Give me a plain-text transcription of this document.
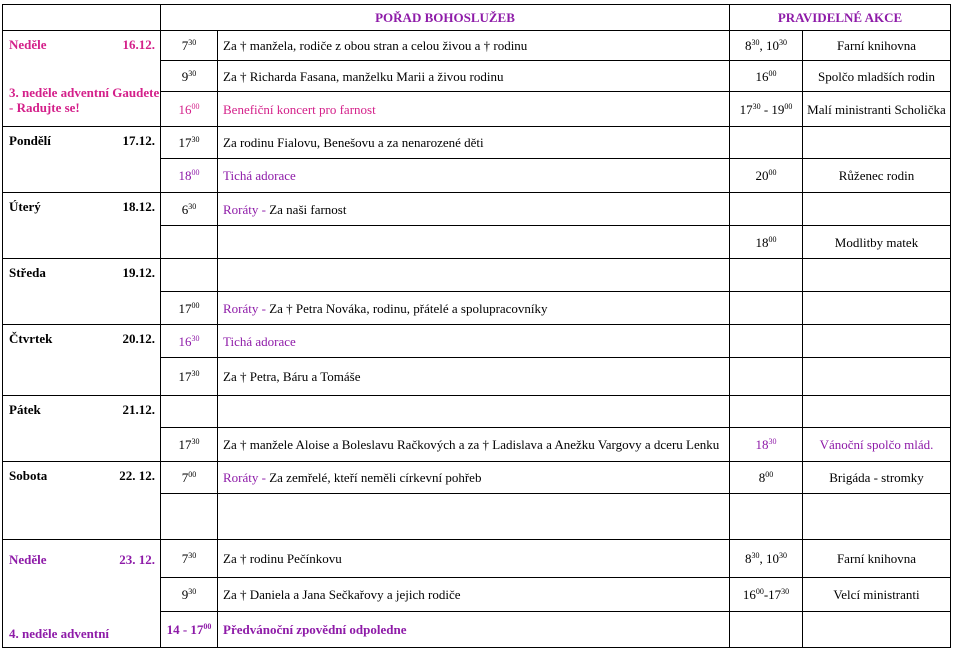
	POŘAD BOHOSLUŽEB		PRAVIDELNÉ AKCE	

Neděle 16.12.
3. neděle adventní Gaudete - Radujte se!	$7^{30}$	Za † manžela, rodiče z obou stran a celou živou a † rodinu	$8^{30}$, $10^{30}$	Farní knihovna
	$9^{30}$	Za † Richarda Fasana, manželku Marii a živou rodinu	$16^{00}$	Spolčo mladších rodin
	$16^{00}$	Benefiční koncert pro farnost	$17^{30} - 19^{00}$	Malí ministranti Scholička

Pondělí 17.12.	$17^{30}$	Za rodinu Fialovu, Benešovu a za nenarozené děti		
	$18^{00}$	Tichá adorace	$20^{00}$	Růženec rodin

Úterý 18.12.	$6^{30}$	Roráty - Za naši farnost		
			$18^{00}$	Modlitby matek

Středa 19.12.				

	$17^{00}$	Roráty - Za † Petra Nováka, rodinu, přátelé a spolupracovníky		

Čtvrtek 20.12.	$16^{30}$	Tichá adorace		
	$17^{30}$	Za † Petra, Báru a Tomáše		

Pátek 21.12.				

	$17^{30}$	Za † manžele Aloise a Boleslavu Račkových a za † Ladislava a Anežku Vargovy a dceru Lenku	$18^{30}$	Vánoční spolčo mlád.

Sobota 22. 12.	$7^{00}$	Roráty - Za zemřelé, kteří neměli církevní pohřeb	$8^{00}$	Brigáda - stromky

Neděle 23. 12.
4. neděle adventní	$7^{30}$	Za † rodinu Pečínkovu	$8^{30}$, $10^{30}$	Farní knihovna
	$9^{30}$	Za † Daniela a Jana Sečkařovy a jejich rodiče	$16^{00}-17^{30}$	Velcí ministranti
	$14 - 17^{00}$	Předvánoční zpovědní odpoledne		
